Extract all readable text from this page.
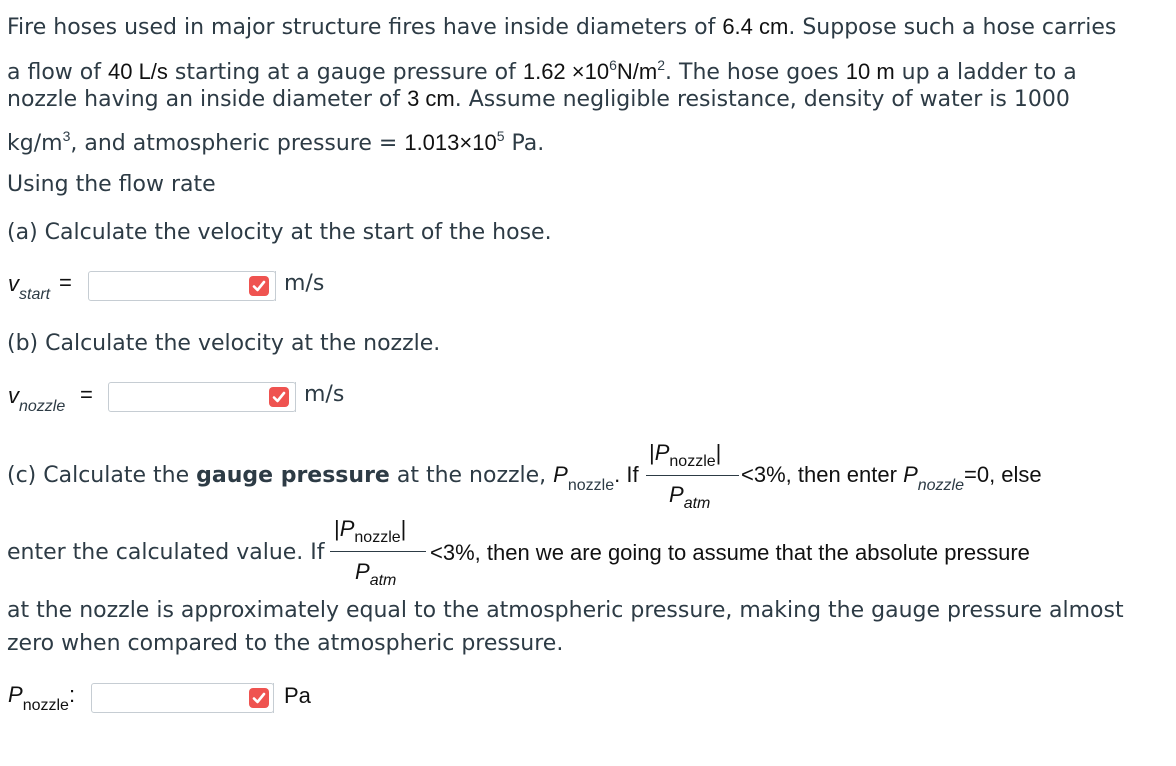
Fire hoses used in major structure fires have inside diameters of 6.4 cm. Suppose such a hose carries
a flow of 40 L/s starting at a gauge pressure of $1.62 \times 10^6N/m^2$. The hose goes 10 m up a ladder to a
nozzle having an inside diameter of 3 cm. Assume negligible resistance, density of water is 1000
$kg/m^3$, and atmospheric pressure = $1.013\times 10^5$ Pa.
Using the flow rate
(a) Calculate the velocity at the start of the hose.
$v_{start}$ =	m/s
(b) Calculate the velocity at the nozzle.
$v_{nozzle}$ =	m/s
(c) Calculate the gauge pressure at the nozzle, $P_{nozzle}$. If
$|P_{nozzle}|$
$P_{atm}$
<3%, then enter $P_{nozzle}=0$, else
enter the calculated value. If
$|P_{nozzle}|$
$P_{atm}$
<3%, then we are going to assume that the absolute pressure
at the nozzle is approximately equal to the atmospheric pressure, making the gauge pressure almost
zero when compared to the atmospheric pressure.
$P_{nozzle}$:	Pa
